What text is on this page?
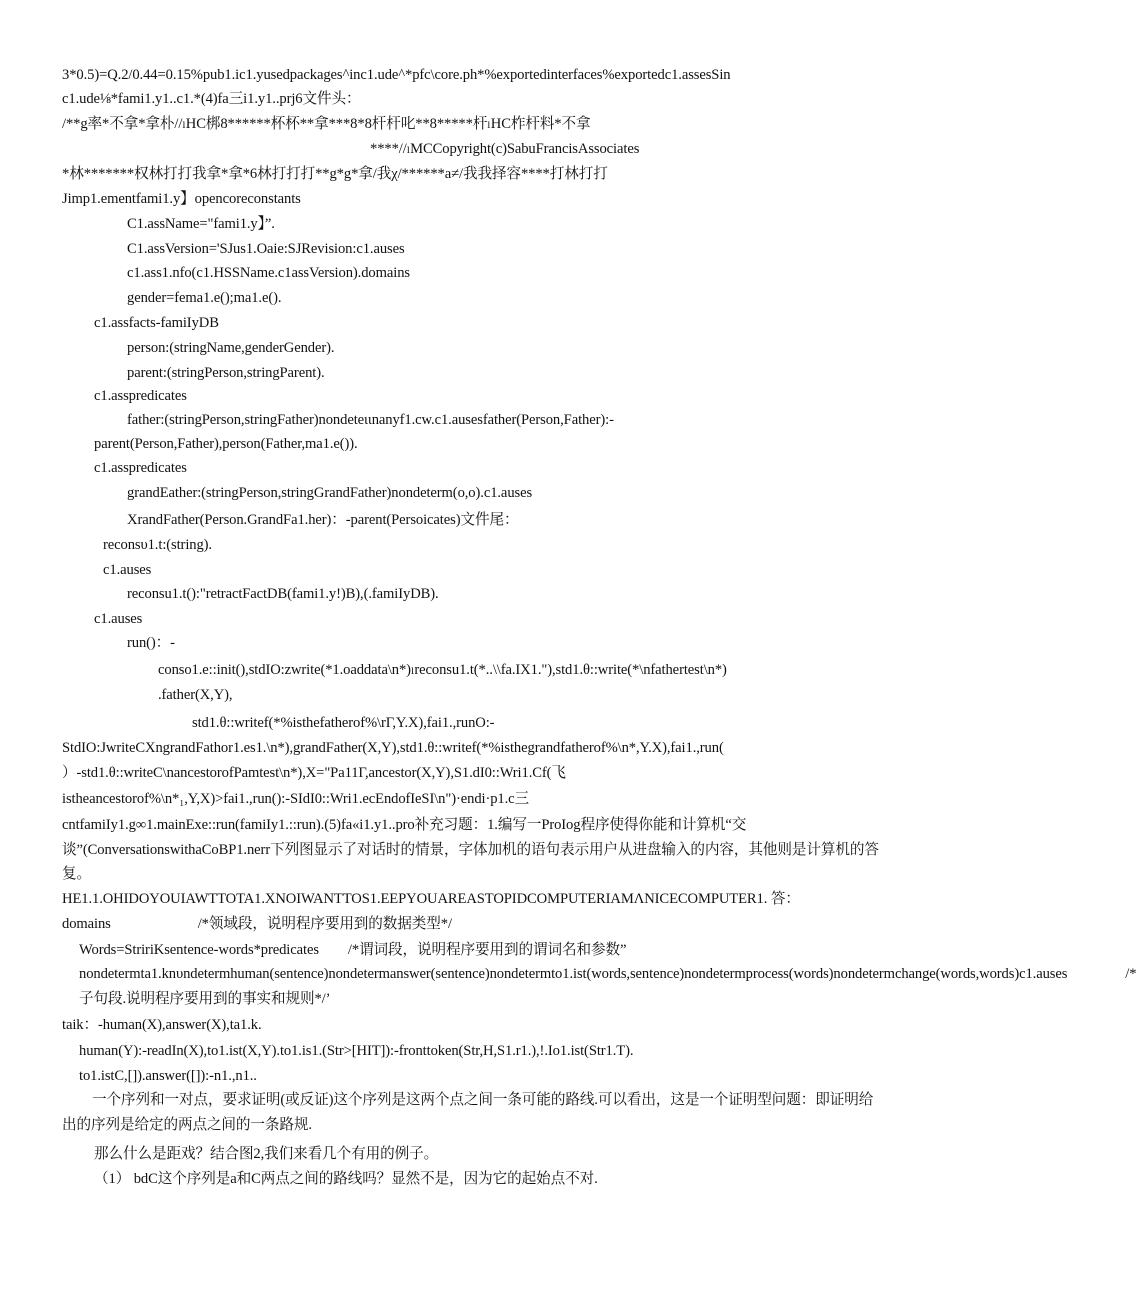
3*0.5)=Q.2/0.44=0.15%pub1.ic1.yusedpackages^inc1.ude^*pfc\core.ph*%exportedinterfaces%exportedc1.assesSin
c1.ude⅛*fami1.y1..c1.*(4)fa三i1.y1..prj6文件头：
/**g率*不拿*拿朴//ₗHC梆8******杯杯**拿***8*8杆杆叱**8*****杆ₗHC柞杆料*不拿
****//ₗMCCopyright(c)SabuFrancisAssociates
*林*******权林打打我拿*拿*6林打打打**g*g*拿/我χ/******a≠/我我择容****打林打打
Jimp1.ementfami1.y】opencoreconstants
C1.assName="fami1.y】”.
C1.assVersion='SJus1.Oaie:SJRevision:c1.auses
c1.ass1.nfo(c1.HSSName.c1assVersion).domains
gender=fema1.e();ma1.e().
c1.assfacts-famiIyDB
person:(stringName,genderGender).
parent:(stringPerson,stringParent).
c1.asspredicates
father:(stringPerson,stringFather)nondeteιιnanyf1.cw.c1.ausesfather(Person,Father):-
parent(Person,Father),person(Father,ma1.e()).
c1.asspredicates
grandEather:(stringPerson,stringGrandFather)nondeterm(o,o).c1.auses
XrandFather(Person.GrandFa1.her)：-parent(Persoicates)文件尾：
reconsυ1.t:(string).
c1.auses
reconsu1.t():"retractFactDB(fami1.y!)B),(.famiIyDB).
c1.auses
run()：-
conso1.e::init(),stdIO:zwrite(*1.oaddata\n*)ₗreconsu1.t(*..\\fa.IX1."),std1.θ::write(*\nfathertest\n*)
.father(X,Y),
std1.θ::writef(*%isthefatherof%\rΓ,Y.X),fai1.,runO:-
StdIO:JwriteCXngrandFathor1.es1.\n*),grandFather(X,Y),std1.θ::writef(*%isthegrandfatherof%\n*,Y.X),fai1.,run(
）-std1.θ::writeC\nancestorofPamtest\n*),X="Pa11Γ,ancestor(X,Y),S1.dI0::Wri1.Cf(飞
istheancestorof%\n*₁,Y,X)>fai1.,run():-SIdI0::Wri1.ecEndofIeSI\n")·endi·p1.c三
cntfamiIy1.g∞1.mainExe::run(famiIy1.::run).(5)fa«i1.y1..pro补充习题：1.编写一ProIog程序使得你能和计算机“交谈”(ConversationswithaCoBP1.nerr下列图显示了对话时的情景，字体加机的语句表示用户从进盘输入的内容，其他则是计算机的答复。
HE1.1.OHIDOYOUIAWTTOTA1.XNOIWANTTOS1.EEPYOUAREASTOPIDCOMPUTERIAMΛNICECOMPUTER1. 答：domains　　　　　　/*领域段，说明程序要用到的数据类型*/
Words=StririKsentence-words*predicates　　/*谓词段，说明程序要用到的谓词名和参数”
nondetermta1.knυndetermhuman(sentence)nondetermanswer(sentence)nondetermto1.ist(words,sentence)nondetermprocess(words)nondetermchange(words,words)c1.auses　　　　/*子句段.说明程序要用到的事实和规则*/’
taik：-human(X),answer(X),ta1.k.
human(Y):-readIn(X),to1.ist(X,Y).to1.is1.(Str>[HIT]):-fronttoken(Str,H,S1.r1.),!.Io1.ist(Str1.T).
to1.istC,[]).answer([]):-n1.,n1..
一个序列和一对点，要求证明(或反证)这个序列是这两个点之间一条可能的路线.可以看出，这是一个证明型问题：即证明给出的序列是给定的两点之间的一条路规.
那么什么是距戏？结合图2,我们来看几个有用的例子。
（1） bdC这个序列是a和C两点之间的路线吗？显然不是，因为它的起始点不对.
